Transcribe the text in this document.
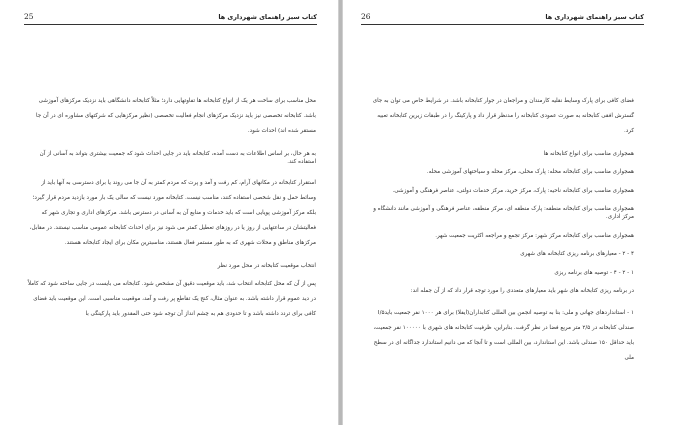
کتاب سبز راهنمای شهرداری ها
25

محل مناسب برای ساخت هر یک از انواع کتابخانه ها تفاوتهایی دارد؛ مثلاً کتابخانه دانشگاهی باید نزدیک مرکزهای آموزشی باشد. کتابخانه تخصصی نیز باید نزدیک مرکزهای انجام فعالیت تخصصی (نظیر مرکزهایی که شرکتهای مشاوره ای در آن جا مستقر شده اند) احداث شود.

به هر حال، بر اساس اطلاعات به دست آمده، کتابخانه باید در جایی احداث شود که جمعیت بیشتری بتواند به آسانی از آن استفاده کند.

استقرار کتابخانه در مکانهای آرام، کم رفت و آمد و پرت که مردم کمتر به آن جا می روند یا برای دسترسی به آنها باید از وسائط حمل و نقل شخصی استفاده کنند، مناسب نیست. کتابخانه مورد نیست که سالی یک بار مورد بازدید مردم قرار گیرد؛ بلکه مرکز آموزشی پویایی است که باید خدمات و منابع آن به آسانی در دسترس باشد. مرکزهای اداری و تجاری شهر که فعالیتشان در ساعتهایی از روز یا در روزهای تعطیل کمتر می شود نیز برای احداث کتابخانه عمومی مناسب نیستند. در مقابل، مرکزهای مناطق و محلات شهری که به طور مستمر فعال هستند، مناسبترین مکان برای ایجاد کتابخانه هستند.

انتخاب موقعیت کتابخانه در محل مورد نظر

پس از آن که محل کتابخانه انتخاب شد، باید موقعیت دقیق آن مشخص شود. کتابخانه می بایست در جایی ساخته شود که کاملاً در دید عموم قرار داشته باشد. به عنوان مثال، کنج یک تقاطع پر رفت و آمد، موقعیت مناسبی است. این موقعیت باید فضای کافی برای تردد داشته باشد و تا حدودی هم به چشم انداز آن توجه شود حتی المقدور باید پارکینگی با

کتاب سبز راهنمای شهرداری ها
26

فضای کافی برای پارک وسایط نقلیه کارمندان و مراجعان در جوار کتابخانه باشد. در شرایط خاص می توان به جای گسترش افقی کتابخانه به صورت عمودی کتابخانه را مدنظر قرار داد و پارکینگ را در طبقات زیرین کتابخانه تعبیه کرد.

همجواری مناسب برای انواع کتابخانه ها

همجواری مناسب برای کتابخانه محله: پارک محلی، مرکز محله و سیاحتهای آموزشی محله.

همجواری مناسب برای کتابخانه ناحیه: پارک، مرکز خرید، مرکز خدمات دولتی، عناصر فرهنگی و آموزشی.

همجواری مناسب برای کتابخانه منطقه: پارک منطقه ای، مرکز منطقه، عناصر فرهنگی و آموزشی مانند دانشگاه و مرکز اداری.

همجواری مناسب برای کتابخانه مرکز شهر: مرکز تجمع و مراجعه اکثریت جمعیت شهر.

۴ - ۲ - معیارهای برنامه ریزی کتابخانه های شهری

۱ - ۲ - ۴ - توصیه های برنامه ریزی

در برنامه ریزی کتابخانه های شهر باید معیارهای متعددی را مورد توجه قرار داد که از آن جمله اند:

۱ - استانداردهای جهانی و ملی: بنا به توصیه انجمن بین المللی کتابداران(ایفلا) برای هر ۱۰۰۰ نفر جمعیت بایدI/۵ صندلی کتابخانه در ۲/۵ متر مربع فضا در نظر گرفت. بنابراین، ظرفیت کتابخانه های شهری با ۱۰۰۰۰۰ نفر جمعیت، باید حداقل ۱۵۰ صندلی باشد. این استاندارد، بین المللی است و تا آنجا که می دانیم استاندارد جداگانه ای در سطح ملی
